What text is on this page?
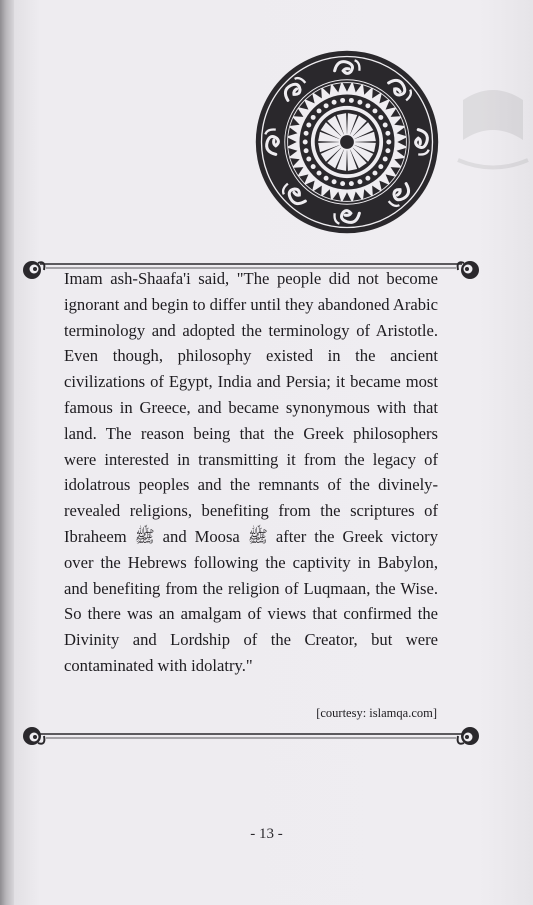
Imam ash-Shaafa'i said, "The people did not become ignorant and begin to differ until they abandoned Arabic terminology and adopted the terminology of Aristotle. Even though, philosophy existed in the ancient civilizations of Egypt, India and Persia; it became most famous in Greece, and became synonymous with that land. The reason being that the Greek philosophers were interested in transmitting it from the legacy of idolatrous peoples and the remnants of the divinely-revealed religions, benefiting from the scriptures of Ibraheem ﷺ and Moosa ﷺ after the Greek victory over the Hebrews following the captivity in Babylon, and benefiting from the religion of Luqmaan, the Wise. So there was an amalgam of views that confirmed the Divinity and Lordship of the Creator, but were contaminated with idolatry."

[courtesy: islamqa.com]
- 13 -
